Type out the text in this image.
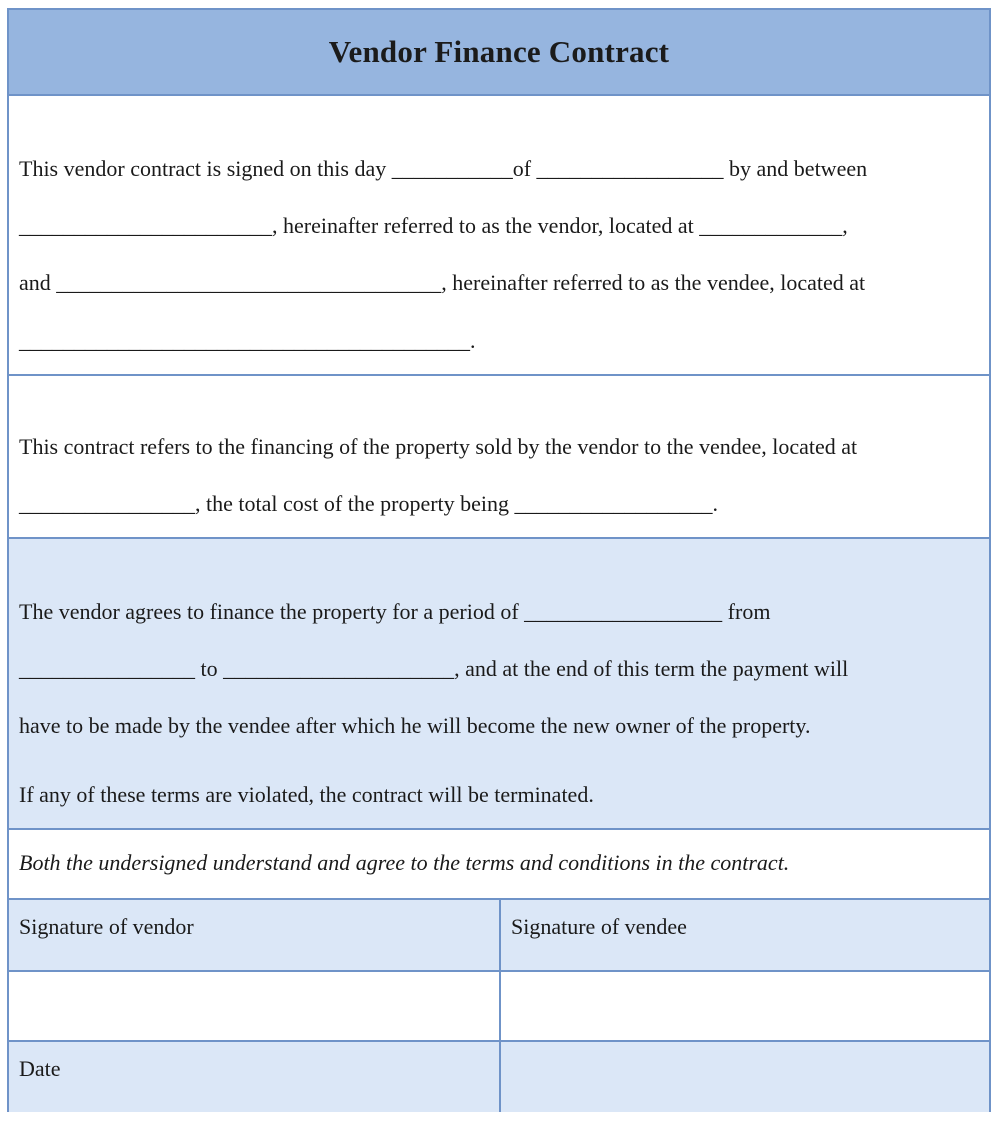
Vendor Finance Contract
This vendor contract is signed on this day ___________of _________________ by and between
_______________________, hereinafter referred to as the vendor, located at _____________,
and ___________________________________, hereinafter referred to as the vendee, located at
_________________________________________.
This contract refers to the financing of the property sold by the vendor to the vendee, located at
________________, the total cost of the property being __________________.
The vendor agrees to finance the property for a period of __________________ from
________________ to _____________________, and at the end of this term the payment will
have to be made by the vendee after which he will become the new owner of the property.
If any of these terms are violated, the contract will be terminated.
Both the undersigned understand and agree to the terms and conditions in the contract.
Signature of vendor	Signature of vendee
Date
